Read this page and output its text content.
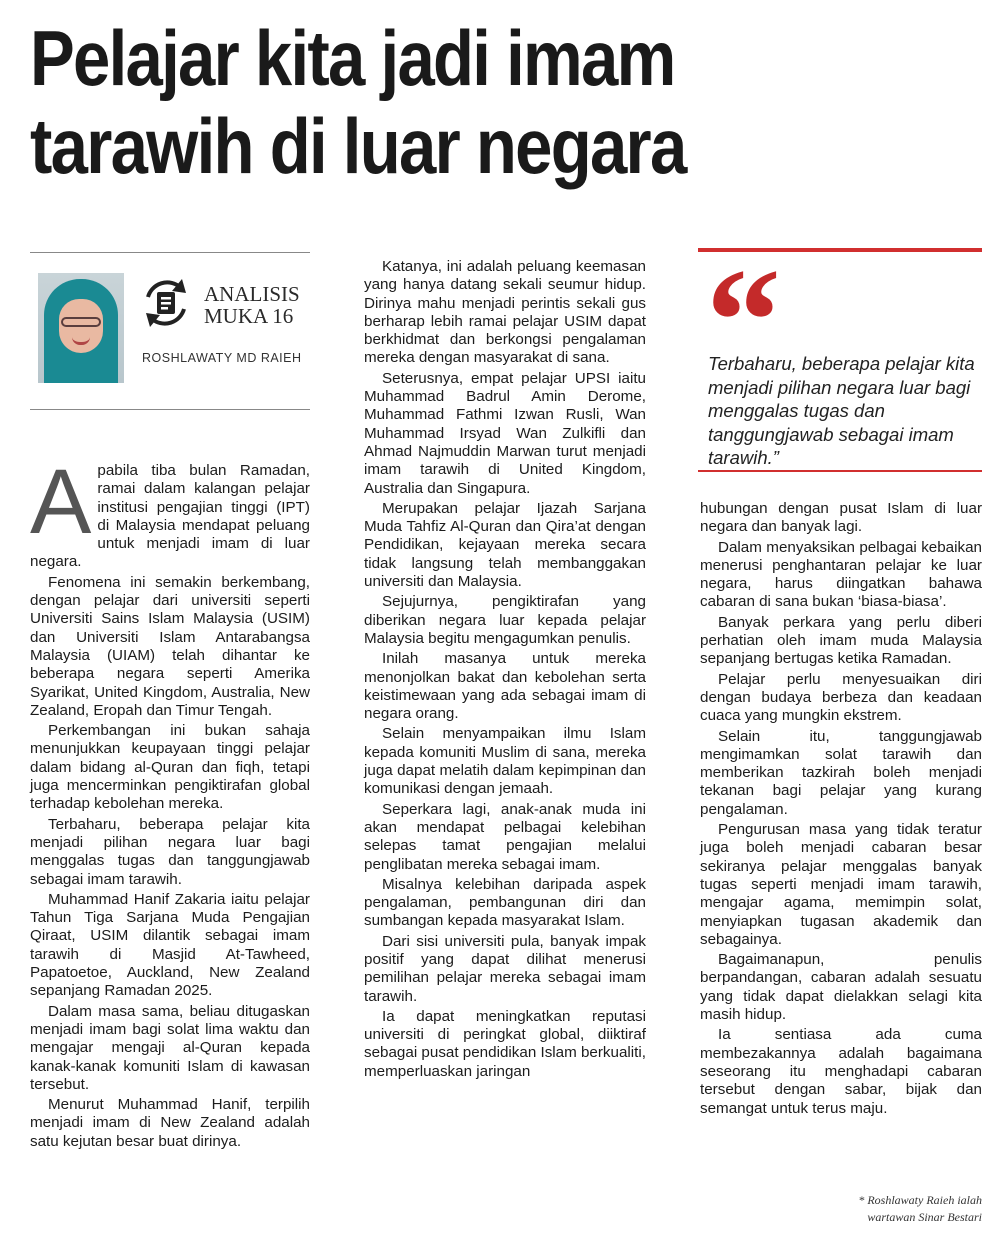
Pelajar kita jadi imam
tarawih di luar negara
ANALISIS
MUKA 16
ROSHLAWATY MD RAIEH

Apabila tiba bulan Ramadan, ramai dalam kalangan pelajar institusi pengajian tinggi (IPT) di Malaysia mendapat peluang untuk menjadi imam di luar negara.

Fenomena ini semakin berkembang, dengan pelajar dari universiti seperti Universiti Sains Islam Malaysia (USIM) dan Universiti Islam Antarabangsa Malaysia (UIAM) telah dihantar ke beberapa negara seperti Amerika Syarikat, United Kingdom, Australia, New Zealand, Eropah dan Timur Tengah.

Perkembangan ini bukan sahaja menunjukkan keupayaan tinggi pelajar dalam bidang al-Quran dan fiqh, tetapi juga mencerminkan pengiktirafan global terhadap kebolehan mereka.

Terbaharu, beberapa pelajar kita menjadi pilihan negara luar bagi menggalas tugas dan tanggungjawab sebagai imam tarawih.

Muhammad Hanif Zakaria iaitu pelajar Tahun Tiga Sarjana Muda Pengajian Qiraat, USIM dilantik sebagai imam tarawih di Masjid At-Tawheed, Papatoetoe, Auckland, New Zealand sepanjang Ramadan 2025.

Dalam masa sama, beliau ditugaskan menjadi imam bagi solat lima waktu dan mengajar mengaji al-Quran kepada kanak-kanak komuniti Islam di kawasan tersebut.

Menurut Muhammad Hanif, terpilih menjadi imam di New Zealand adalah satu kejutan besar buat dirinya.

Katanya, ini adalah peluang keemasan yang hanya datang sekali seumur hidup. Dirinya mahu menjadi perintis sekali gus berharap lebih ramai pelajar USIM dapat berkhidmat dan berkongsi pengalaman mereka dengan masyarakat di sana.

Seterusnya, empat pelajar UPSI iaitu Muhammad Badrul Amin Derome, Muhammad Fathmi Izwan Rusli, Wan Muhammad Irsyad Wan Zulkifli dan Ahmad Najmuddin Marwan turut menjadi imam tarawih di United Kingdom, Australia dan Singapura.

Merupakan pelajar Ijazah Sarjana Muda Tahfiz Al-Quran dan Qira’at dengan Pendidikan, kejayaan mereka secara tidak langsung telah membanggakan universiti dan Malaysia.

Sejujurnya, pengiktirafan yang diberikan negara luar kepada pelajar Malaysia begitu mengagumkan penulis.

Inilah masanya untuk mereka menonjolkan bakat dan kebolehan serta keistimewaan yang ada sebagai imam di negara orang.

Selain menyampaikan ilmu Islam kepada komuniti Muslim di sana, mereka juga dapat melatih dalam kepimpinan dan komunikasi dengan jemaah.

Seperkara lagi, anak-anak muda ini akan mendapat pelbagai kelebihan selepas tamat pengajian melalui penglibatan mereka sebagai imam.

Misalnya kelebihan daripada aspek pengalaman, pembangunan diri dan sumbangan kepada masyarakat Islam.

Dari sisi universiti pula, banyak impak positif yang dapat dilihat menerusi pemilihan pelajar mereka sebagai imam tarawih.

Ia dapat meningkatkan reputasi universiti di peringkat global, diiktiraf sebagai pusat pendidikan Islam berkualiti, memperluaskan jaringan

“
Terbaharu, beberapa pelajar kita menjadi pilihan negara luar bagi menggalas tugas dan tanggungjawab sebagai imam tarawih.”

hubungan dengan pusat Islam di luar negara dan banyak lagi.

Dalam menyaksikan pelbagai kebaikan menerusi penghantaran pelajar ke luar negara, harus diingatkan bahawa cabaran di sana bukan ‘biasa-biasa’.

Banyak perkara yang perlu diberi perhatian oleh imam muda Malaysia sepanjang bertugas ketika Ramadan.

Pelajar perlu menyesuaikan diri dengan budaya berbeza dan keadaan cuaca yang mungkin ekstrem.

Selain itu, tanggungjawab mengimamkan solat tarawih dan memberikan tazkirah boleh menjadi tekanan bagi pelajar yang kurang pengalaman.

Pengurusan masa yang tidak teratur juga boleh menjadi cabaran besar sekiranya pelajar menggalas banyak tugas seperti menjadi imam tarawih, mengajar agama, memimpin solat, menyiapkan tugasan akademik dan sebagainya.

Bagaimanapun, penulis berpandangan, cabaran adalah sesuatu yang tidak dapat dielakkan selagi kita masih hidup.

Ia sentiasa ada cuma membezakannya adalah bagaimana seseorang itu menghadapi cabaran tersebut dengan sabar, bijak dan semangat untuk terus maju.

* Roshlawaty Raieh ialah
wartawan Sinar Bestari
